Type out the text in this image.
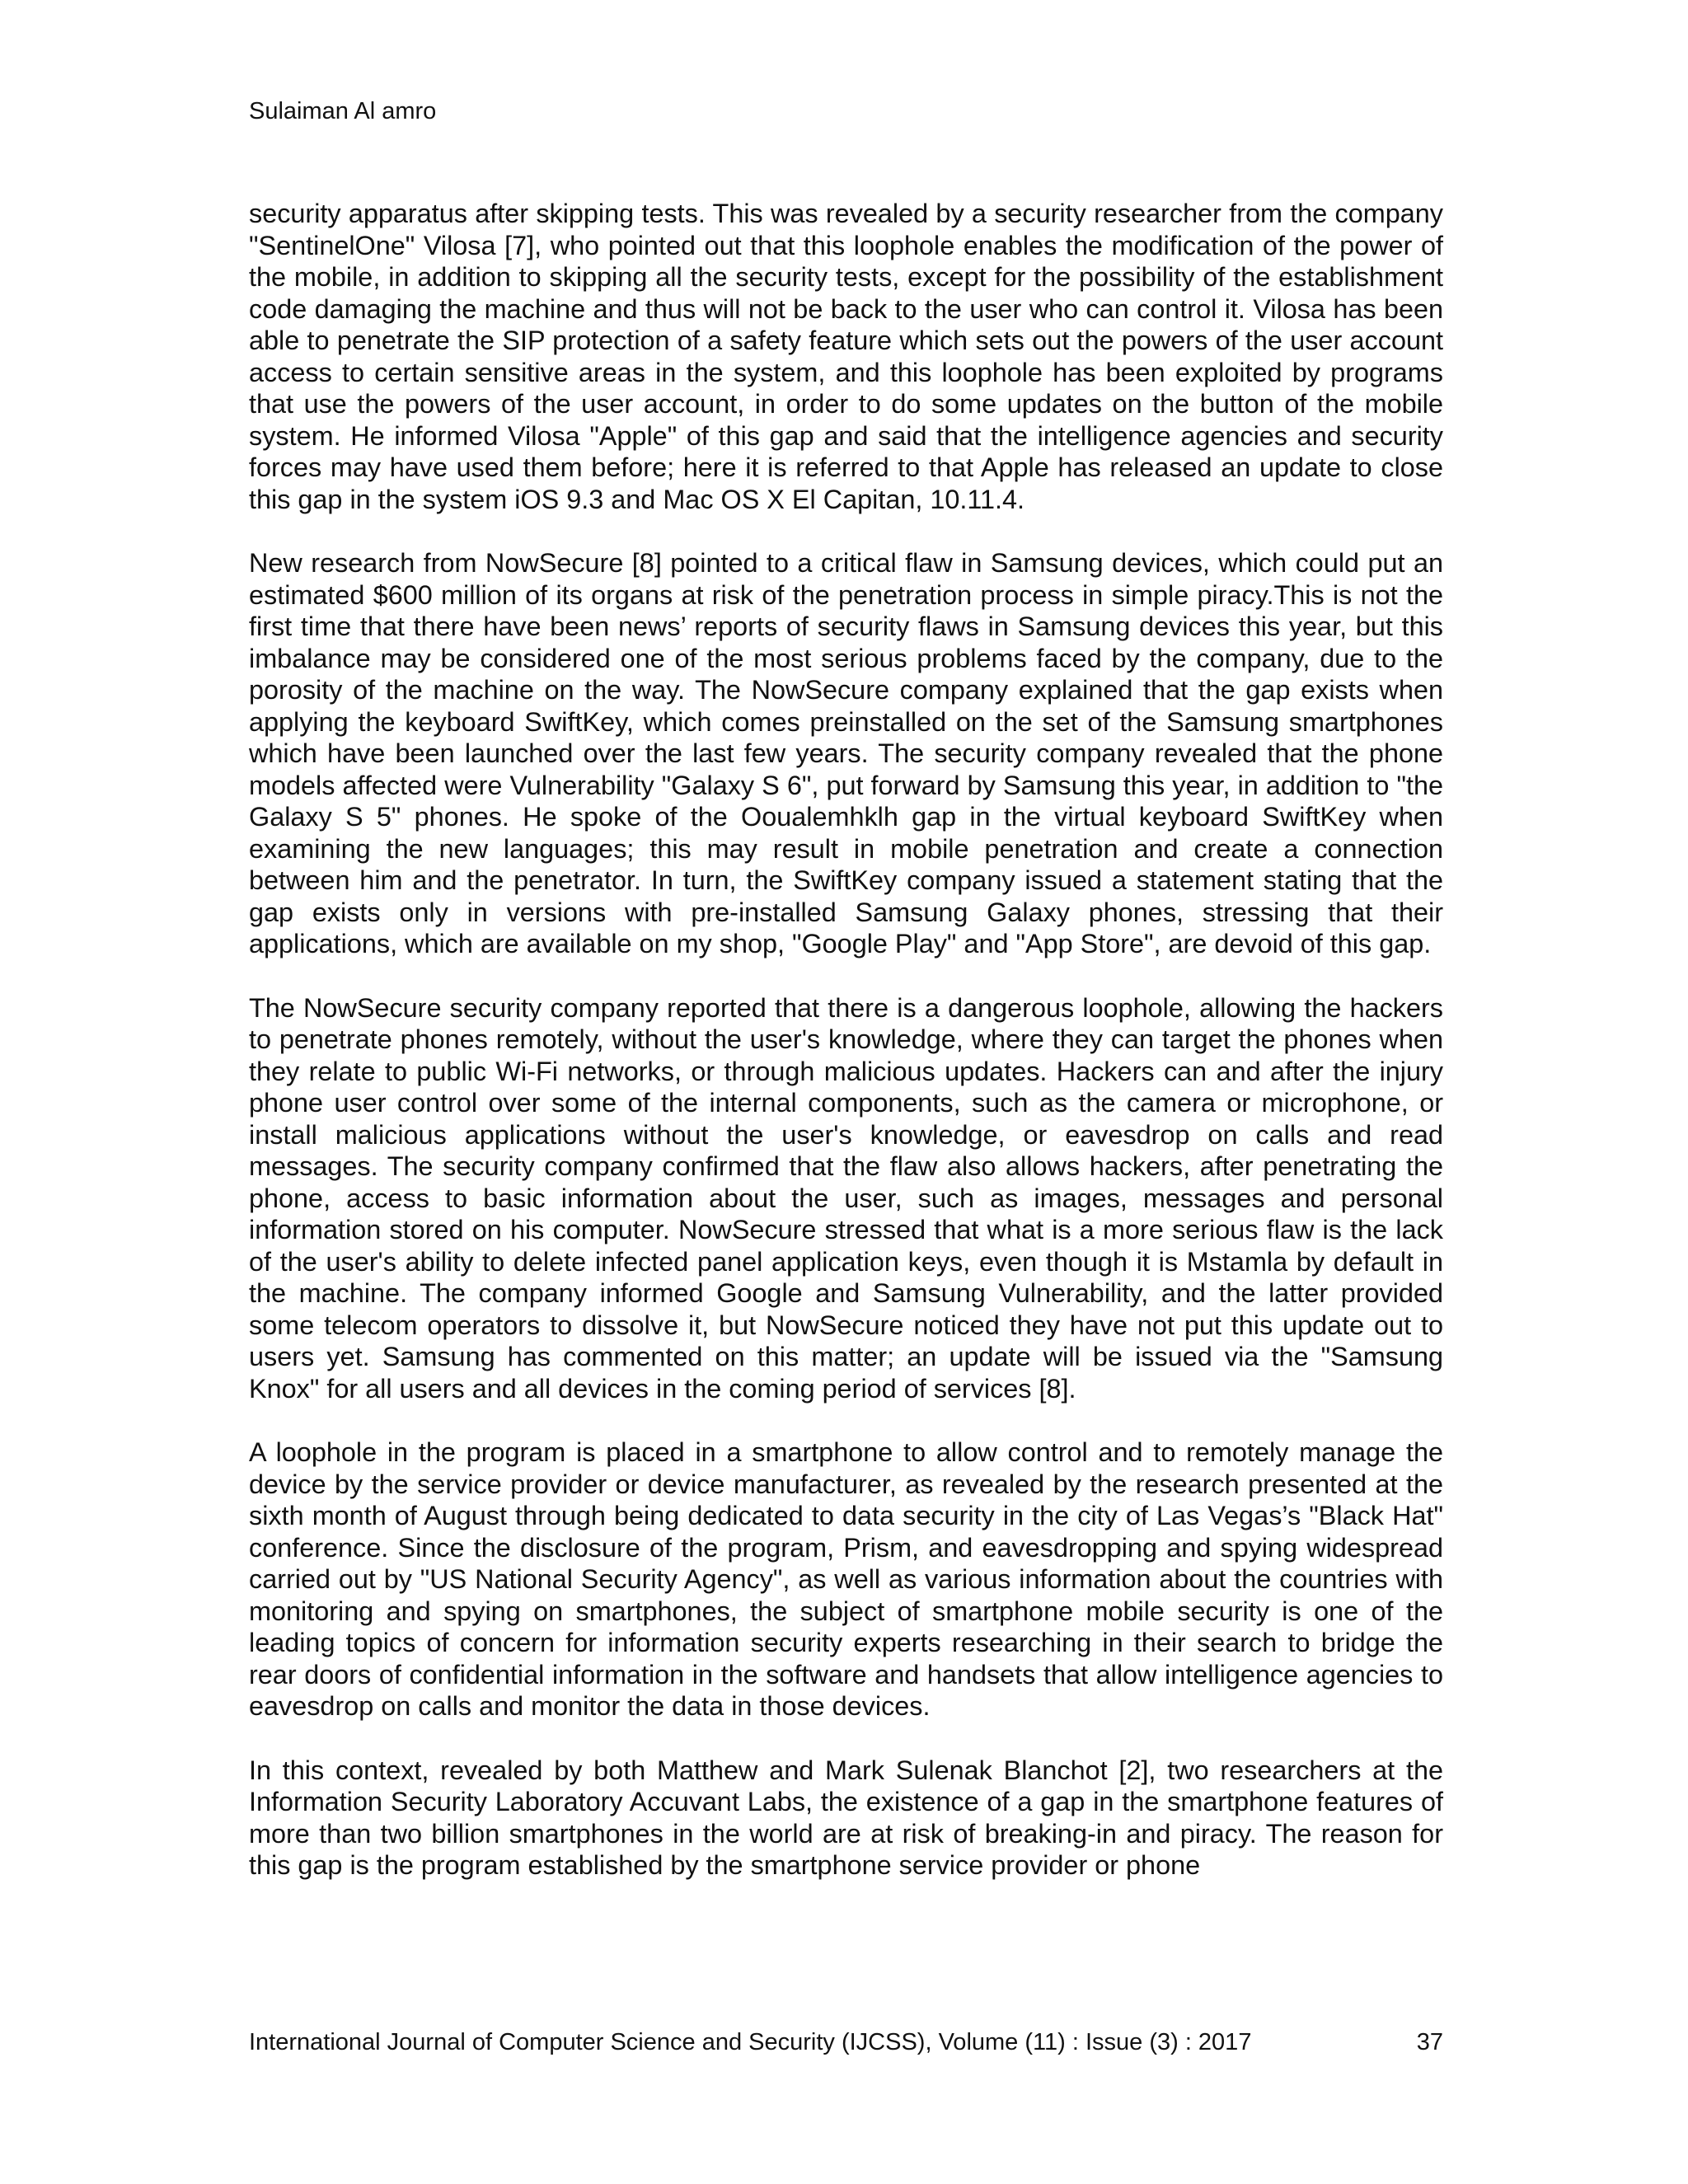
Sulaiman Al amro

security apparatus after skipping tests. This was revealed by a security researcher from the company "SentinelOne" Vilosa [7], who pointed out that this loophole enables the modification of the power of the mobile, in addition to skipping all the security tests, except for the possibility of the establishment code damaging the machine and thus will not be back to the user who can control it. Vilosa has been able to penetrate the SIP protection of a safety feature which sets out the powers of the user account access to certain sensitive areas in the system, and this loophole has been exploited by programs that use the powers of the user account, in order to do some updates on the button of the mobile system. He informed Vilosa "Apple" of this gap and said that the intelligence agencies and security forces may have used them before; here it is referred to that Apple has released an update to close this gap in the system iOS 9.3 and Mac OS X El Capitan, 10.11.4.

New research from NowSecure [8] pointed to a critical flaw in Samsung devices, which could put an estimated $600 million of its organs at risk of the penetration process in simple piracy.This is not the first time that there have been news’ reports of security flaws in Samsung devices this year, but this imbalance may be considered one of the most serious problems faced by the company, due to the porosity of the machine on the way. The NowSecure company explained that the gap exists when applying the keyboard SwiftKey, which comes preinstalled on the set of the Samsung smartphones which have been launched over the last few years. The security company revealed that the phone models affected were Vulnerability "Galaxy S 6", put forward by Samsung this year, in addition to "the Galaxy S 5" phones. He spoke of the Ooualemhklh gap in the virtual keyboard SwiftKey when examining the new languages; this may result in mobile penetration and create a connection between him and the penetrator. In turn, the SwiftKey company issued a statement stating that the gap exists only in versions with pre-installed Samsung Galaxy phones, stressing that their applications, which are available on my shop, "Google Play" and "App Store", are devoid of this gap.

The NowSecure security company reported that there is a dangerous loophole, allowing the hackers to penetrate phones remotely, without the user's knowledge, where they can target the phones when they relate to public Wi-Fi networks, or through malicious updates. Hackers can and after the injury phone user control over some of the internal components, such as the camera or microphone, or install malicious applications without the user's knowledge, or eavesdrop on calls and read messages. The security company confirmed that the flaw also allows hackers, after penetrating the phone, access to basic information about the user, such as images, messages and personal information stored on his computer. NowSecure stressed that what is a more serious flaw is the lack of the user's ability to delete infected panel application keys, even though it is Mstamla by default in the machine. The company informed Google and Samsung Vulnerability, and the latter provided some telecom operators to dissolve it, but NowSecure noticed they have not put this update out to users yet. Samsung has commented on this matter; an update will be issued via the "Samsung Knox" for all users and all devices in the coming period of services [8].

A loophole in the program is placed in a smartphone to allow control and to remotely manage the device by the service provider or device manufacturer, as revealed by the research presented at the sixth month of August through being dedicated to data security in the city of Las Vegas’s "Black Hat" conference. Since the disclosure of the program, Prism, and eavesdropping and spying widespread carried out by "US National Security Agency", as well as various information about the countries with monitoring and spying on smartphones, the subject of smartphone mobile security is one of the leading topics of concern for information security experts researching in their search to bridge the rear doors of confidential information in the software and handsets that allow intelligence agencies to eavesdrop on calls and monitor the data in those devices.

In this context, revealed by both Matthew and Mark Sulenak Blanchot [2], two researchers at the Information Security Laboratory Accuvant Labs, the existence of a gap in the smartphone features of more than two billion smartphones in the world are at risk of breaking-in and piracy. The reason for this gap is the program established by the smartphone service provider or phone

International Journal of Computer Science and Security (IJCSS), Volume (11) : Issue (3) : 2017	37
